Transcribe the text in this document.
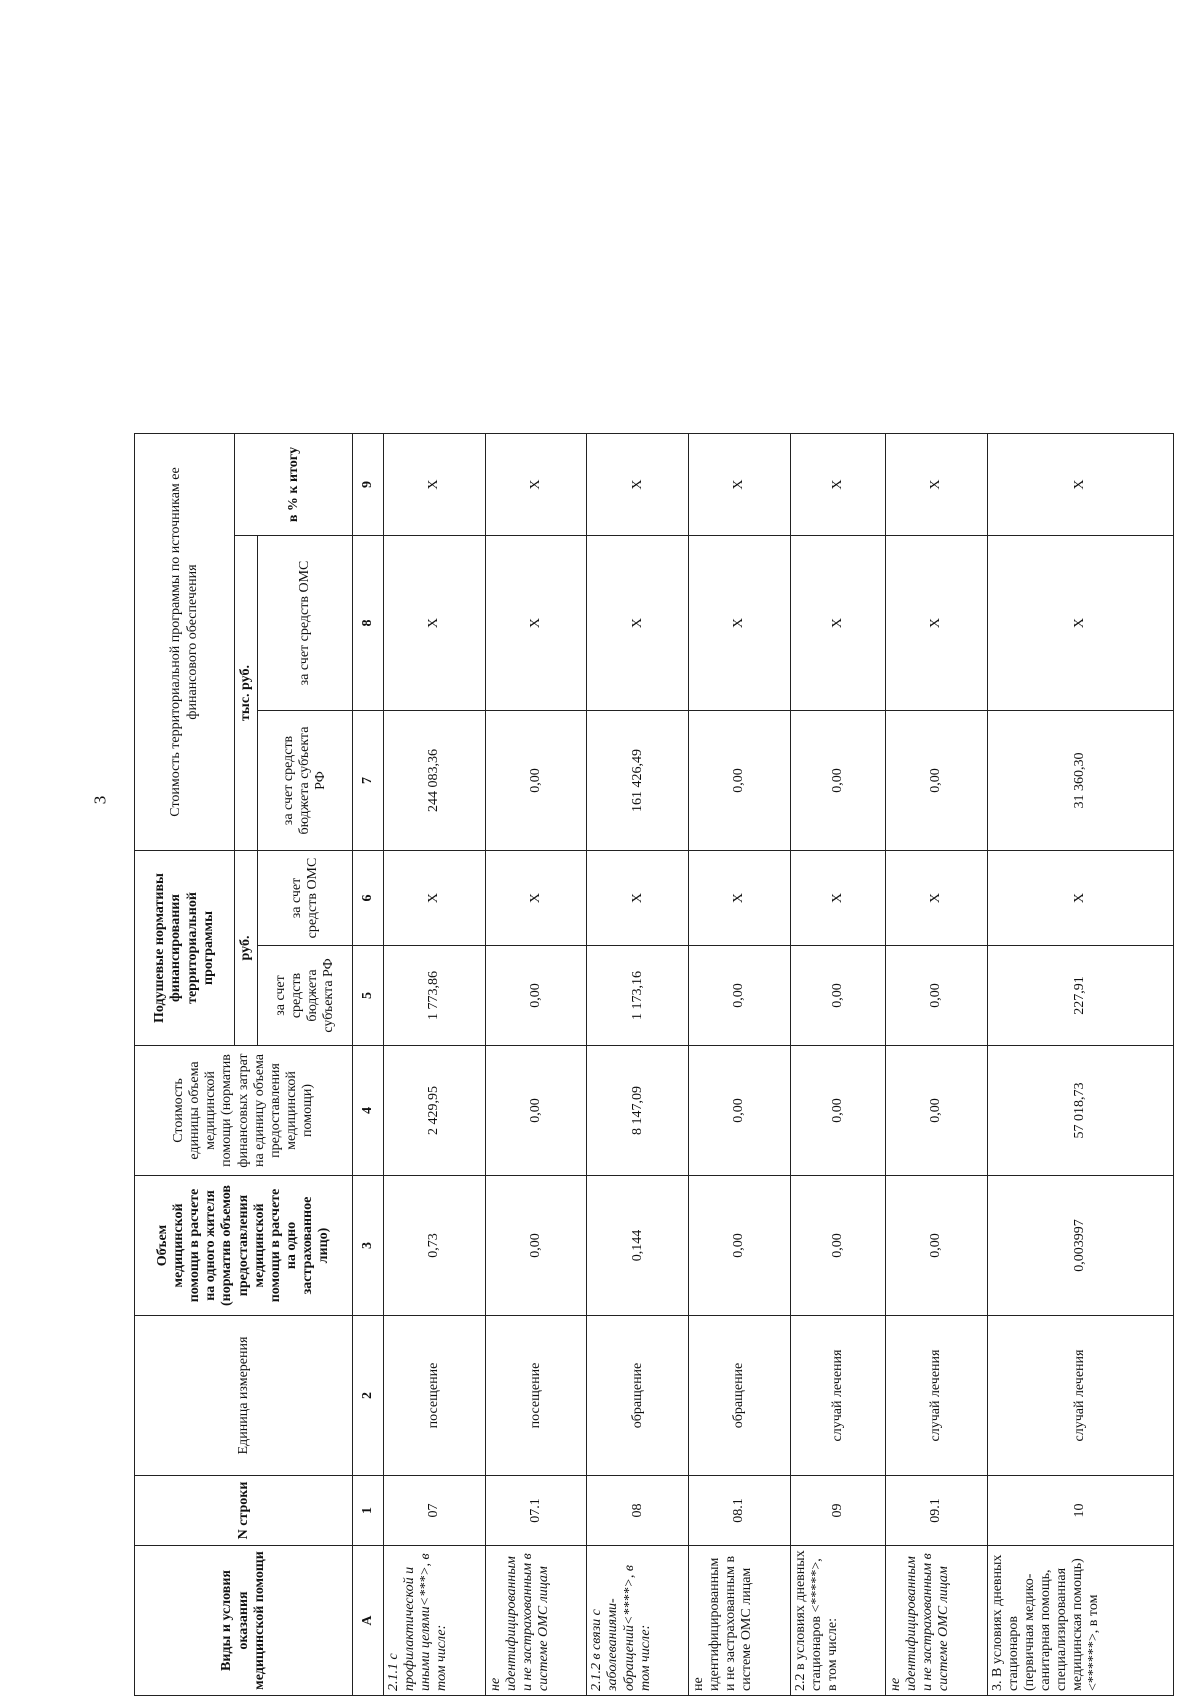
3
Виды и условия оказания медицинской помощи	N строки	Единица измерения	Объем медицинской помощи в расчете на одного жителя (норматив объемов предоставления медицинской помощи в расчете на одно застрахованное лицо)	Стоимость единицы объема медицинской помощи (норматив финансовых затрат на единицу объема предоставления медицинской помощи)	Подушевые нормативы финансирования территориальной программы		Стоимость территориальной программы по источникам ее финансового обеспечения		
					руб.		тыс. руб.		в % к итогу
					за счет средств бюджета субъекта РФ	за счет средств ОМС	за счет средств бюджета субъекта РФ	за счет средств ОМС	
А	1	2	3	4	5	6	7	8	9
2.1.1 с профилактической и иными целями<***>, в том числе:	07	посещение	0,73	2 429,95	1 773,86	X	244 083,36	X	X
не идентифицированным и не застрахованным в системе ОМС лицам	07.1	посещение	0,00	0,00	0,00	X	0,00	X	X
2.1.2 в связи с заболеваниями-обращений<****>, в том числе:	08	обращение	0,144	8 147,09	1 173,16	X	161 426,49	X	X
не идентифицированным и не застрахованным в системе ОМС лицам	08.1	обращение	0,00	0,00	0,00	X	0,00	X	X
2.2 в условиях дневных стационаров <*****>, в том числе:	09	случай лечения	0,00	0,00	0,00	X	0,00	X	X
не идентифицированным и не застрахованным в системе ОМС лицам	09.1	случай лечения	0,00	0,00	0,00	X	0,00	X	X
3. В условиях дневных стационаров (первичная медико-санитарная помощь, специализированная медицинская помощь)<******>, в том	10	случай лечения	0,003997	57 018,73	227,91	X	31 360,30	X	X
